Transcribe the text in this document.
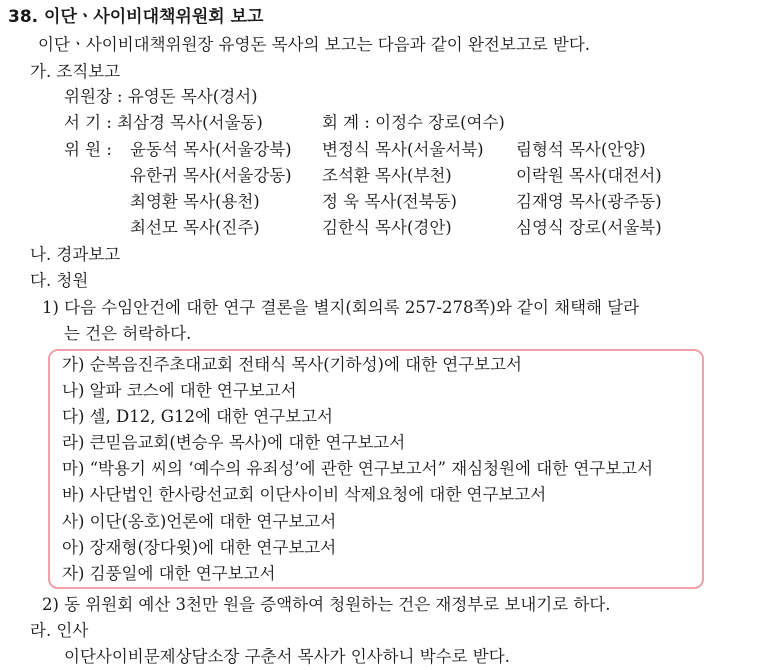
38. 이단ㆍ사이비대책위원회 보고
이단ㆍ사이비대책위원장 유영돈 목사의 보고는 다음과 같이 완전보고로 받다.
가. 조직보고
위원장 : 유영돈 목사(경서)
서 기 : 최삼경 목사(서울동)	회 계 : 이정수 장로(여수)
위 원 : 윤동석 목사(서울강북) 변정식 목사(서울서북) 림형석 목사(안양)
유한귀 목사(서울강동) 조석환 목사(부천)	이락원 목사(대전서)
최영환 목사(용천)	정 욱 목사(전북동)	김재영 목사(광주동)
최선모 목사(진주)	김한식 목사(경안)	심영식 장로(서울북)
나. 경과보고
다. 청원
1) 다음 수임안건에 대한 연구 결론을 별지(회의록 257-278쪽)와 같이 채택해 달라
는 건은 허락하다.
가) 순복음진주초대교회 전태식 목사(기하성)에 대한 연구보고서
나) 알파 코스에 대한 연구보고서
다) 셀, D12, G12에 대한 연구보고서
라) 큰믿음교회(변승우 목사)에 대한 연구보고서
마) “박용기 씨의 ‘예수의 유죄성’에 관한 연구보고서” 재심청원에 대한 연구보고서
바) 사단법인 한사랑선교회 이단사이비 삭제요청에 대한 연구보고서
사) 이단(옹호)언론에 대한 연구보고서
아) 장재형(장다윗)에 대한 연구보고서
자) 김풍일에 대한 연구보고서
2) 동 위원회 예산 3천만 원을 증액하여 청원하는 건은 재정부로 보내기로 하다.
라. 인사
이단사이비문제상담소장 구춘서 목사가 인사하니 박수로 받다.
